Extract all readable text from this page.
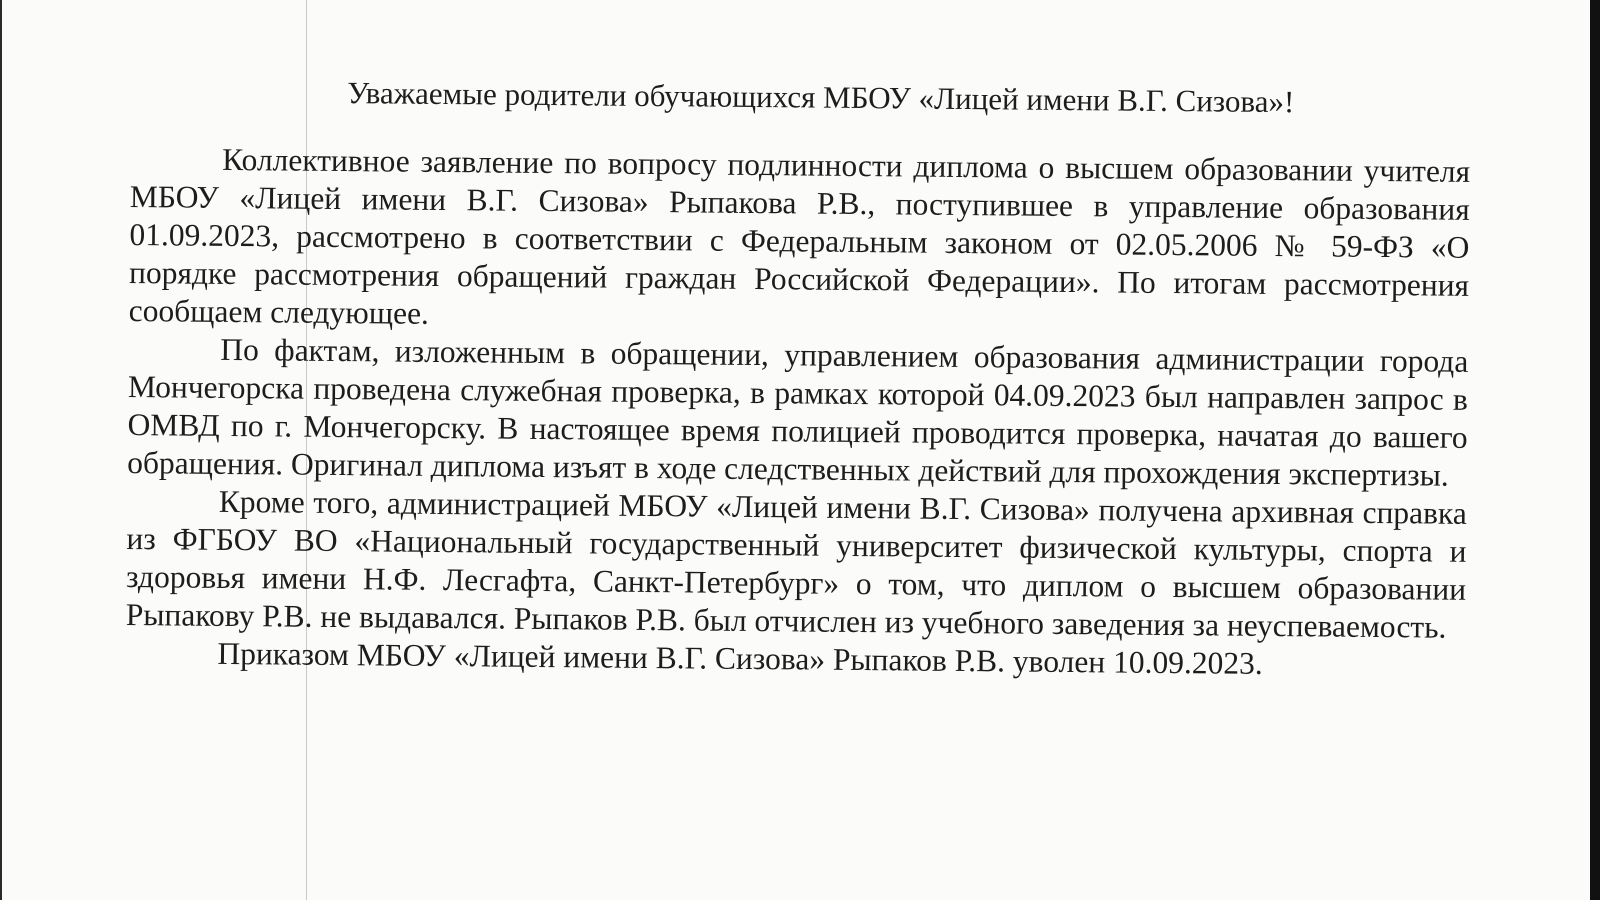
Уважаемые родители обучающихся МБОУ «Лицей имени В.Г. Сизова»!

Коллективное заявление по вопросу подлинности диплома о высшем образовании учителя МБОУ «Лицей имени В.Г. Сизова» Рыпакова Р.В., поступившее в управление образования 01.09.2023, рассмотрено в соответствии с Федеральным законом от 02.05.2006 № 59-ФЗ «О порядке рассмотрения обращений граждан Российской Федерации». По итогам рассмотрения сообщаем следующее.

По фактам, изложенным в обращении, управлением образования администрации города Мончегорска проведена служебная проверка, в рамках которой 04.09.2023 был направлен запрос в ОМВД по г. Мончегорску. В настоящее время полицией проводится проверка, начатая до вашего обращения. Оригинал диплома изъят в ходе следственных действий для прохождения экспертизы.

Кроме того, администрацией МБОУ «Лицей имени В.Г. Сизова» получена архивная справка из ФГБОУ ВО «Национальный государственный университет физической культуры, спорта и здоровья имени Н.Ф. Лесгафта, Санкт-Петербург» о том, что диплом о высшем образовании Рыпакову Р.В. не выдавался. Рыпаков Р.В. был отчислен из учебного заведения за неуспеваемость.

Приказом МБОУ «Лицей имени В.Г. Сизова» Рыпаков Р.В. уволен 10.09.2023.
